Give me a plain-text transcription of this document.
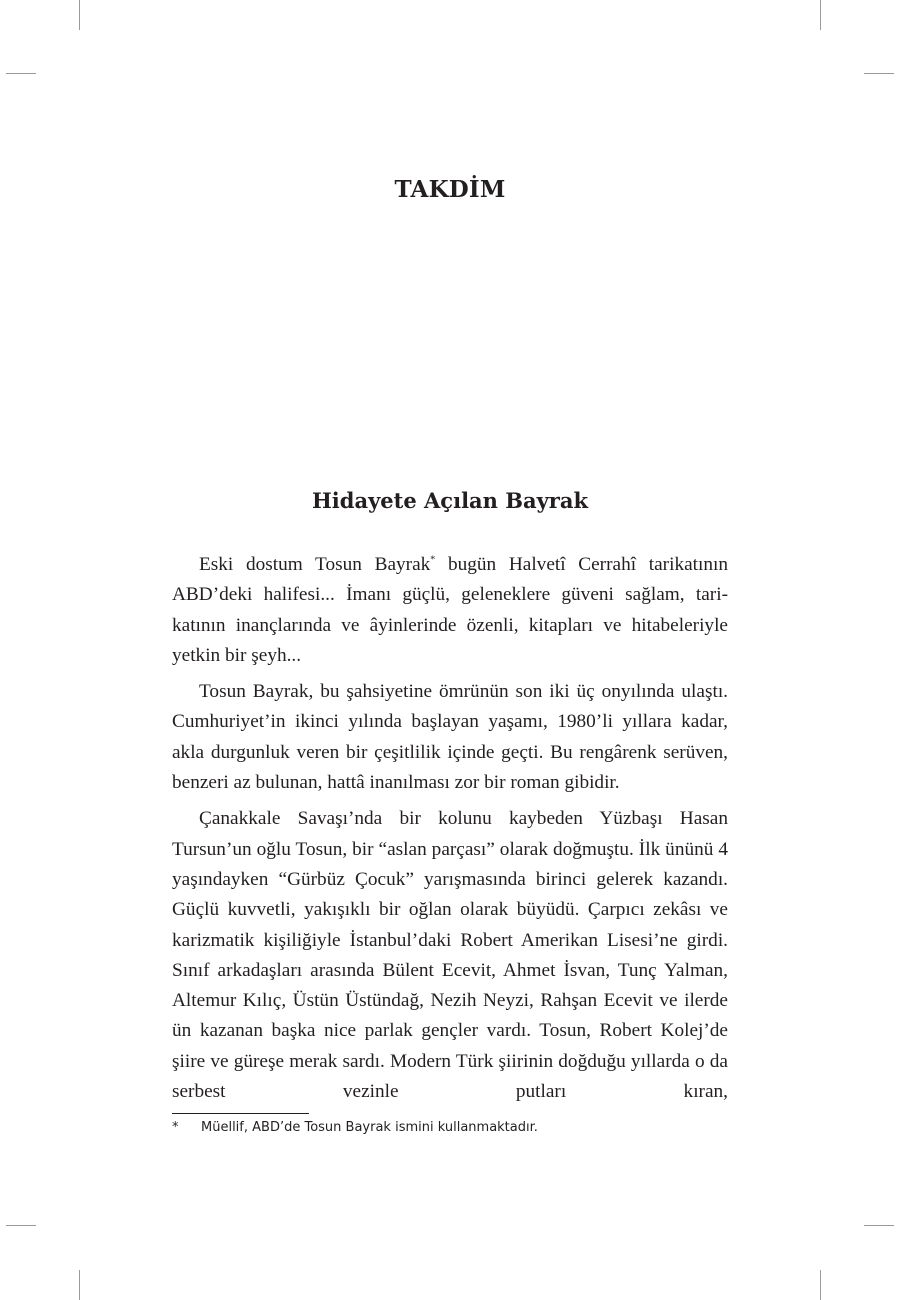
TAKDİM
Hidayete Açılan Bayrak

Eski dostum Tosun Bayrak* bugün Halvetî Cerrahî tarikatının ABD’deki halifesi... İmanı güçlü, geleneklere güveni sağlam, tarikatının inançlarında ve âyinlerinde özenli, kitapları ve hitabeleriyle yetkin bir şeyh...

Tosun Bayrak, bu şahsiyetine ömrünün son iki üç onyılında ulaştı. Cumhuriyet’in ikinci yılında başlayan yaşamı, 1980’li yıllara kadar, akla durgunluk veren bir çeşitlilik içinde geçti. Bu rengârenk serüven, benzeri az bulunan, hattâ inanılması zor bir roman gibidir.

Çanakkale Savaşı’nda bir kolunu kaybeden Yüzbaşı Hasan Tursun’un oğlu Tosun, bir “aslan parçası” olarak doğmuştu. İlk ününü 4 yaşındayken “Gürbüz Çocuk” yarışmasında birinci gelerek kazandı. Güçlü kuvvetli, yakışıklı bir oğlan olarak büyüdü. Çarpıcı zekâsı ve karizmatik kişiliğiyle İstanbul’daki Robert Amerikan Lisesi’ne girdi. Sınıf arkadaşları arasında Bülent Ecevit, Ahmet İsvan, Tunç Yalman, Altemur Kılıç, Üstün Üstündağ, Nezih Neyzi, Rahşan Ecevit ve ilerde ün kazanan başka nice parlak gençler vardı. Tosun, Robert Kolej’de şiire ve güreşe merak sardı. Modern Türk şiirinin doğduğu yıllarda o da serbest vezinle putları kıran,

* Müellif, ABD’de Tosun Bayrak ismini kullanmaktadır.
